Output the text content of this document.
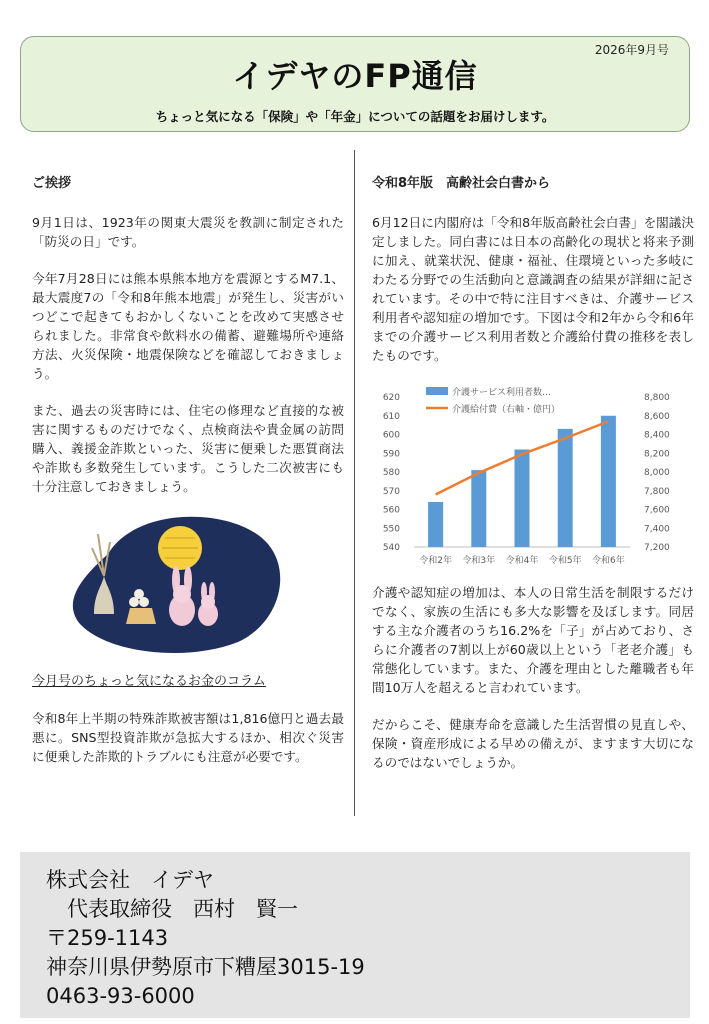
2026年9月号
イデヤのFP通信
ちょっと気になる「保険」や「年金」についての話題をお届けします。
ご挨拶

9月1日は、1923年の関東大震災を教訓に制定された「防災の日」です。

今年7月28日には熊本県熊本地方を震源とするM7.1、最大震度7の「令和8年熊本地震」が発生し、災害がいつどこで起きてもおかしくないことを改めて実感させられました。非常食や飲料水の備蓄、避難場所や連絡方法、火災保険・地震保険などを確認しておきましょう。

また、過去の災害時には、住宅の修理など直接的な被害に関するものだけでなく、点検商法や貴金属の訪問購入、義援金詐欺といった、災害に便乗した悪質商法や詐欺も多数発生しています。こうした二次被害にも十分注意しておきましょう。

今月号のちょっと気になるお金のコラム

令和8年上半期の特殊詐欺被害額は1,816億円と過去最悪に。SNS型投資詐欺が急拡大するほか、相次ぐ災害に便乗した詐欺的トラブルにも注意が必要です。

令和8年版　高齢社会白書から

6月12日に内閣府は「令和8年版高齢社会白書」を閣議決定しました。同白書には日本の高齢化の現状と将来予測に加え、就業状況、健康・福祉、住環境といった多岐にわたる分野での生活動向と意識調査の結果が詳細に記されています。その中で特に注目すべきは、介護サービス利用者や認知症の増加です。下図は令和2年から令和6年までの介護サービス利用者数と介護給付費の推移を表したものです。

620
610
600
590
580
570
560
550
540
8,800
8,600
8,400
8,200
8,000
7,800
7,600
7,400
7,200
令和2年 令和3年 令和4年 令和5年 令和6年
介護サービス利用者数…
介護給付費（右軸・億円）

介護や認知症の増加は、本人の日常生活を制限するだけでなく、家族の生活にも多大な影響を及ぼします。同居する主な介護者のうち16.2%を「子」が占めており、さらに介護者の7割以上が60歳以上という「老老介護」も常態化しています。また、介護を理由とした離職者も年間10万人を超えると言われています。

だからこそ、健康寿命を意識した生活習慣の見直しや、保険・資産形成による早めの備えが、ますます大切になるのではないでしょうか。

株式会社　イデヤ
　代表取締役　西村　賢一
〒259-1143
神奈川県伊勢原市下糟屋3015-19
0463-93-6000
